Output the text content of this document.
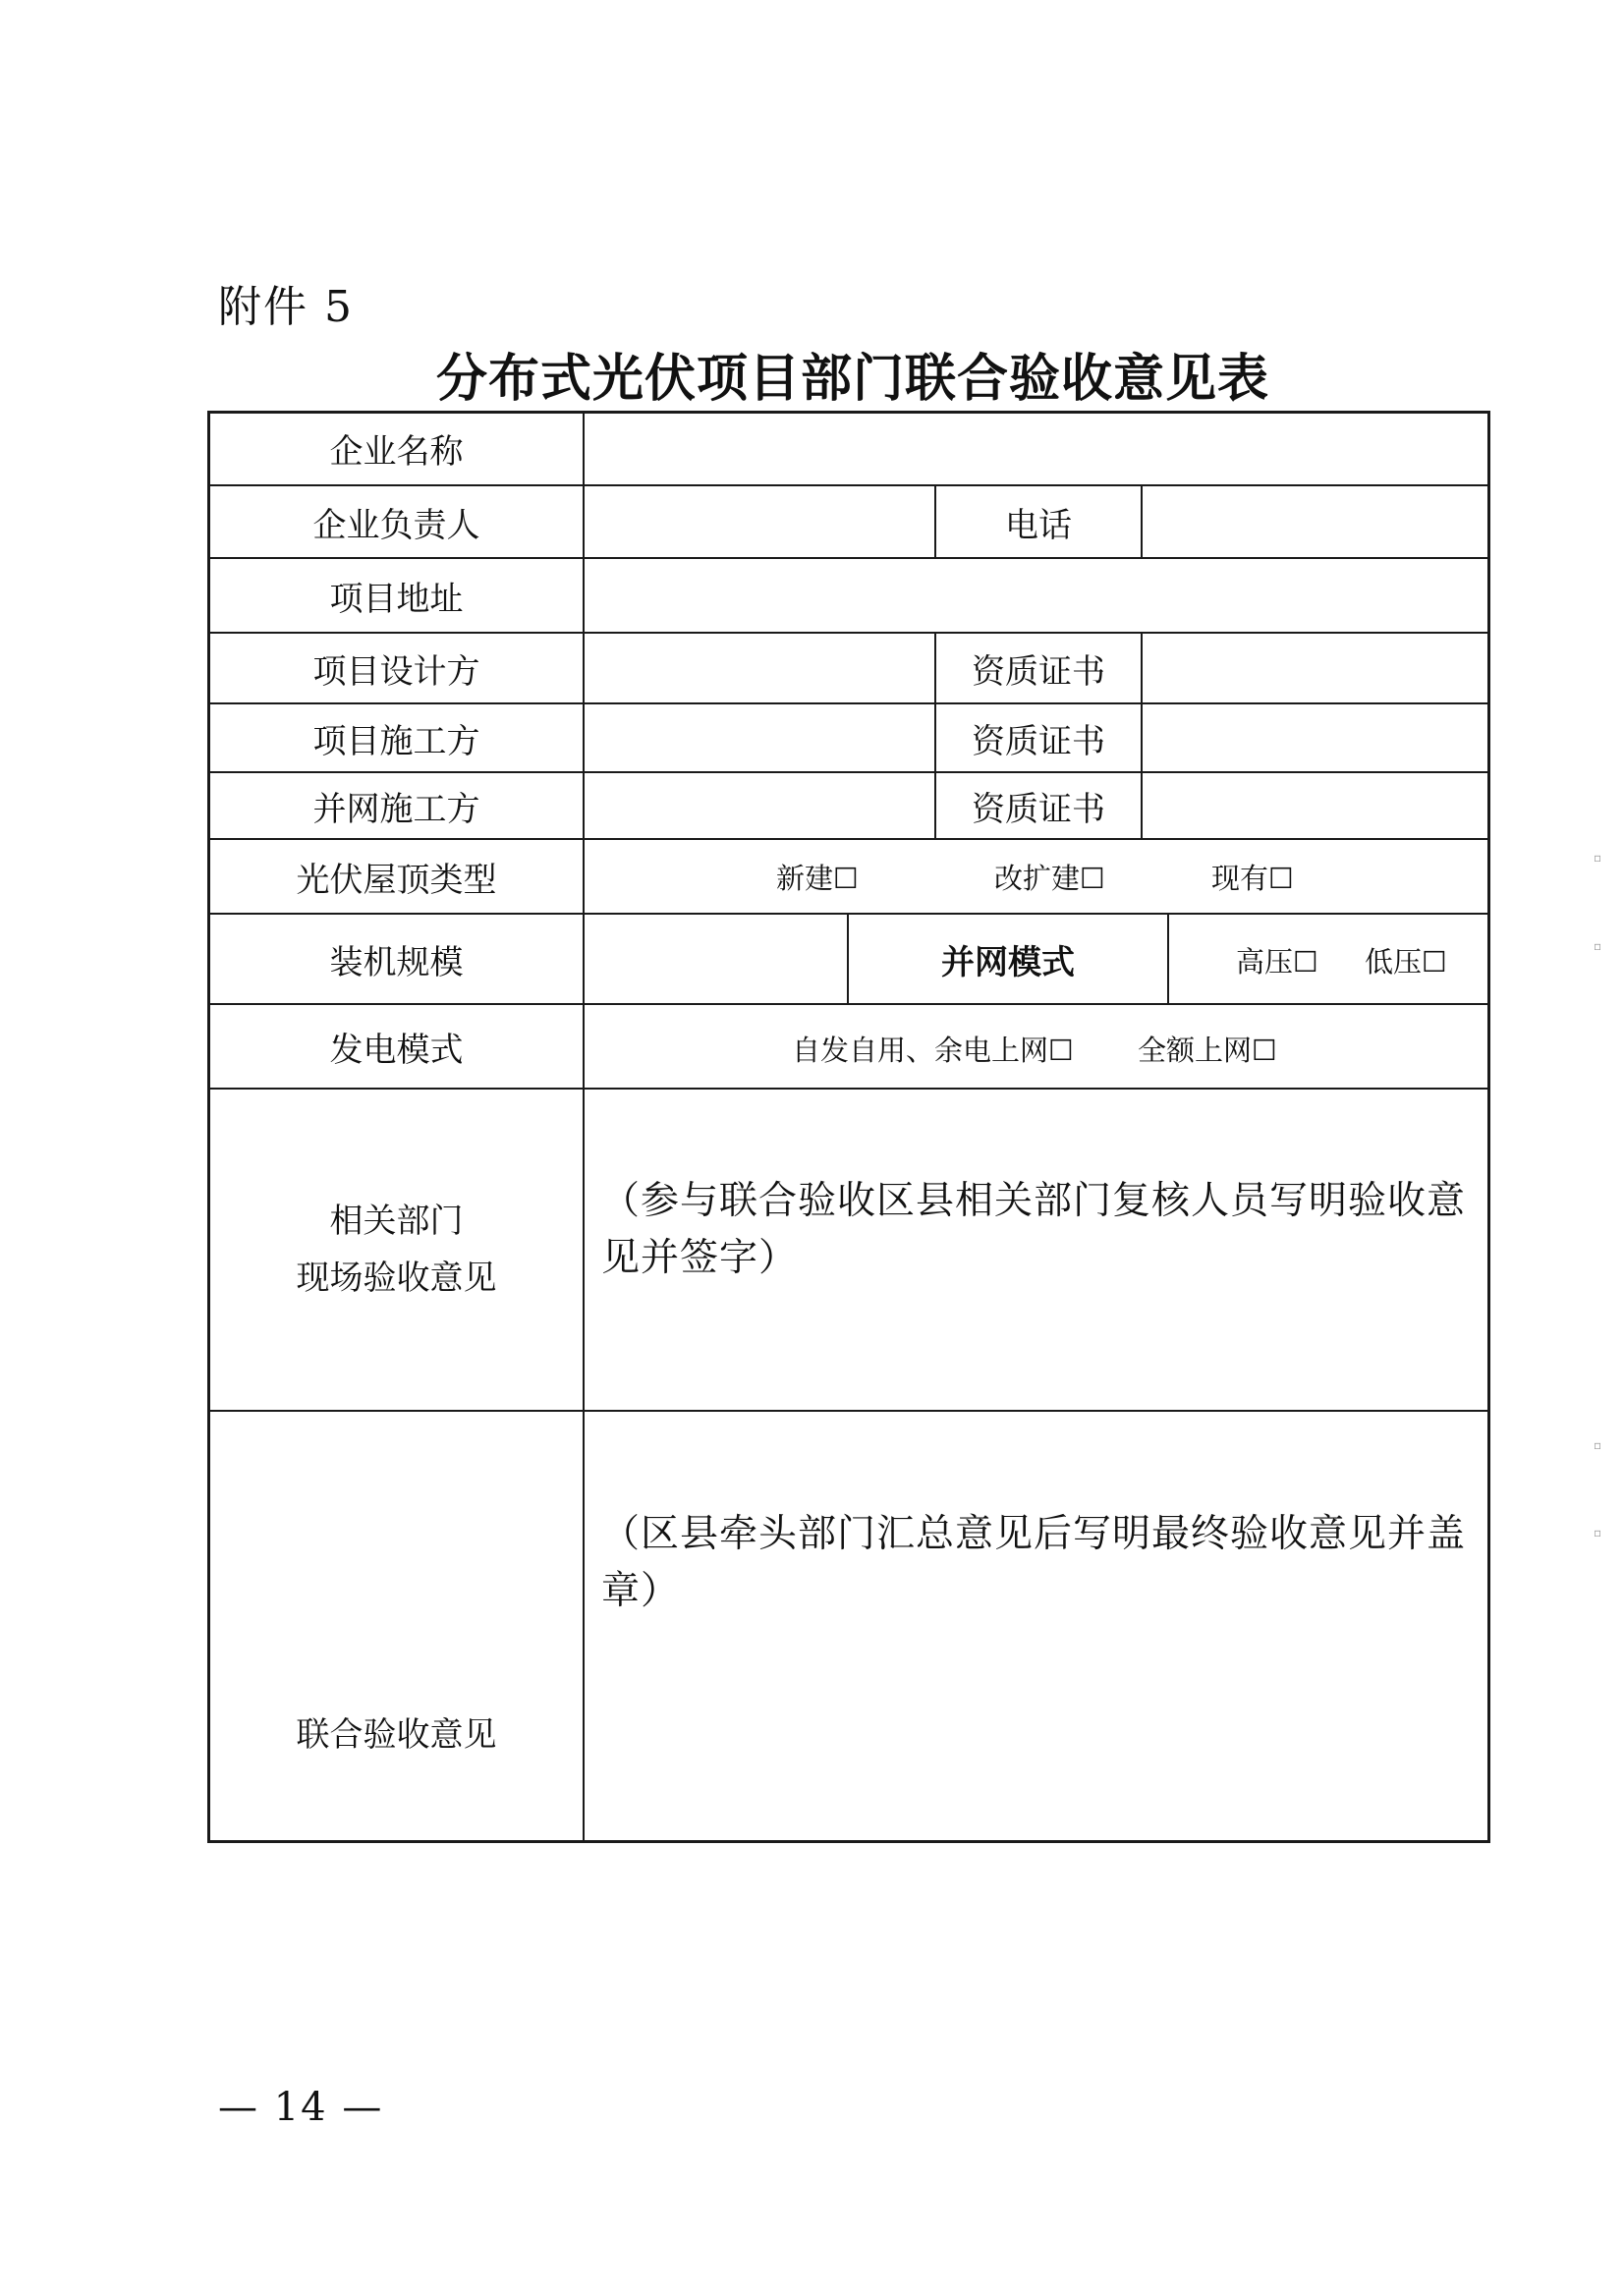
附件 5
分布式光伏项目部门联合验收意见表
企业名称
企业负责人
项目地址
项目设计方
项目施工方
并网施工方
光伏屋顶类型
装机规模
发电模式
相关部门
现场验收意见
联合验收意见
电话
资质证书
资质证书
资质证书
并网模式
新建☐	改扩建☐	现有☐
高压☐ 低压☐
自发自用、余电上网☐ 全额上网☐
（参与联合验收区县相关部门复核人员写明验收意见并签字）
（区县牵头部门汇总意见后写明最终验收意见并盖章）
— 14 —
▫
▫
▫
▫
